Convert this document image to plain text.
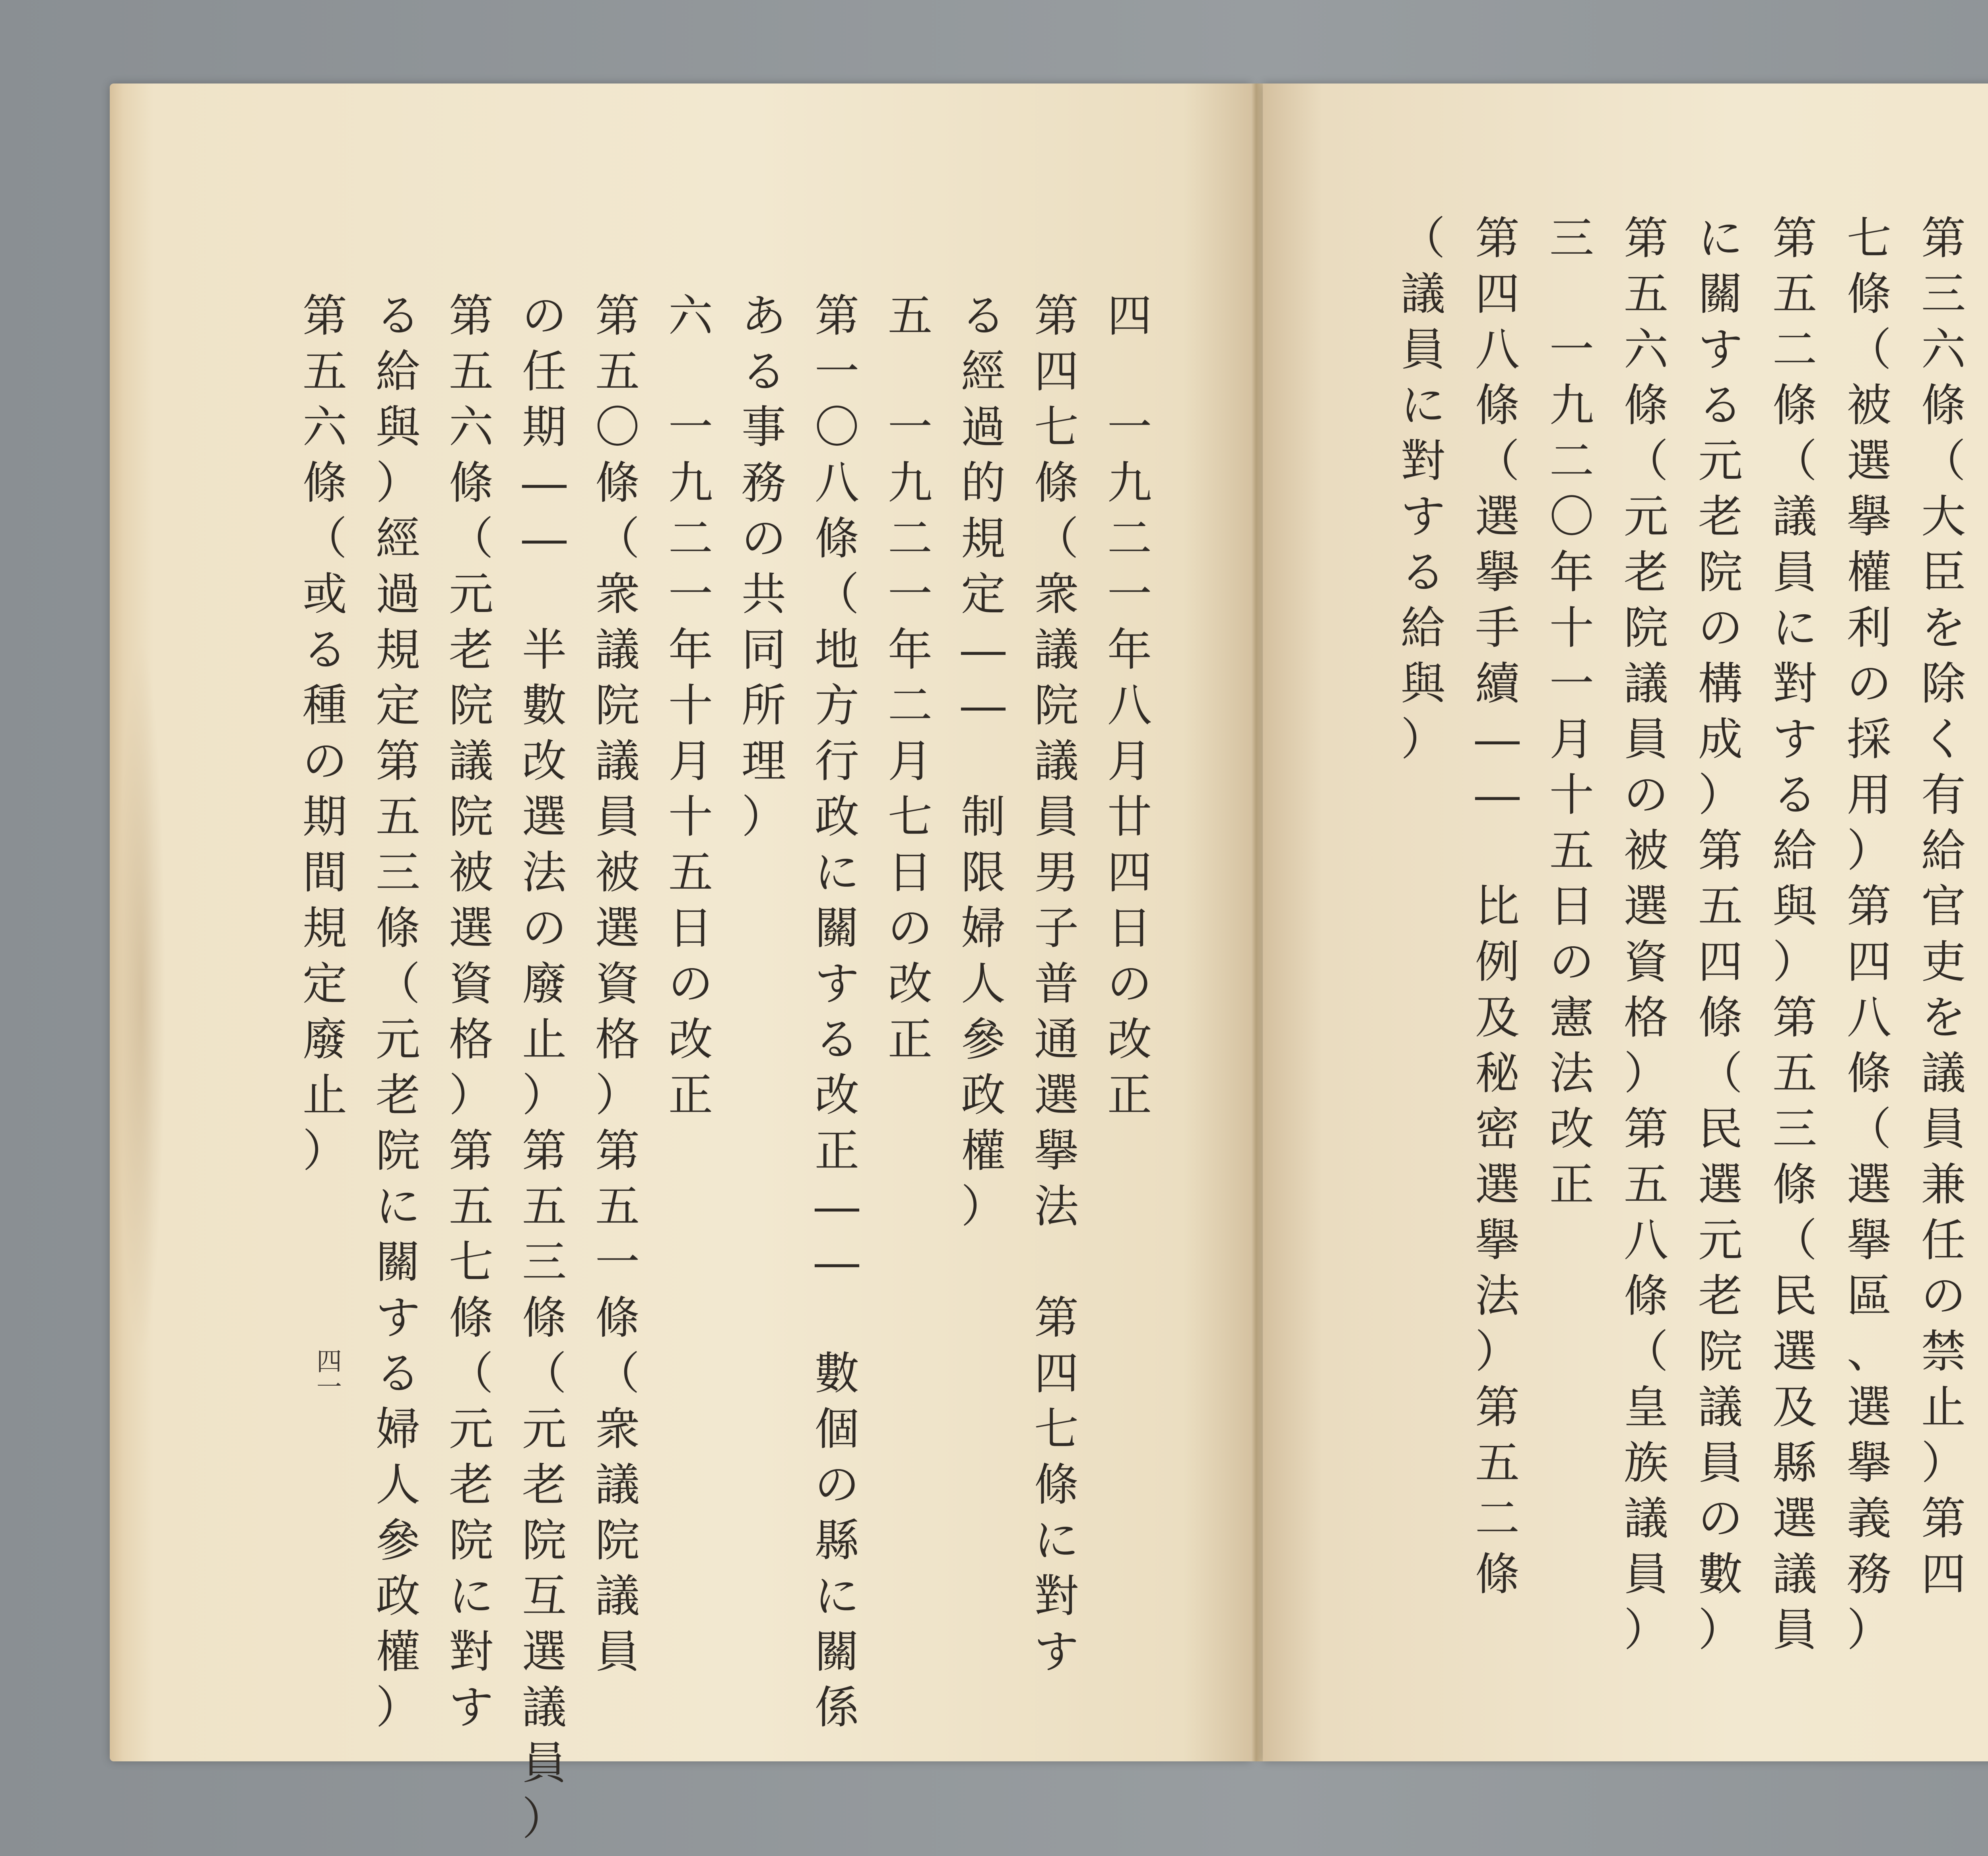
四

一
九
二
一
年
八
月
廿
四
日
の
改
正
第
四
七
條
（
衆
議
院
議
員
男
子
普
通
選
擧
法

第
四
七
條
に
對
す
る
經
過
的
規
定
―
―

制
限
婦
人
參
政
權
）
五

一
九
二
一
年
二
月
七
日
の
改
正
第
一
〇
八
條
（
地
方
行
政
に
關
す
る
改
正
―
―

數
個
の
縣
に
關
係
あ
る
事
務
の
共
同
所
理
）
六

一
九
二
一
年
十
月
十
五
日
の
改
正
第
五
〇
條
（
衆
議
院
議
員
被
選
資
格
）
第
五
一
條
（
衆
議
院
議
員
の
任
期
―
―

半
數
改
選
法
の
廢
止
）
第
五
三
條
（
元
老
院
互
選
議
員
）
第
五
六
條
（
元
老
院
議
院
被
選
資
格
）
第
五
七
條
（
元
老
院
に
對
す
る
給
與
）
經
過
規
定
第
五
三
條
（
元
老
院
に
關
す
る
婦
人
參
政
權
）
第
五
六
條
（
或
る
種
の
期
間
規
定
廢
止
）
四一

第
三
六
條
（
大
臣
を
除
く
有
給
官
吏
を
議
員
兼
任
の
禁
止
）
第
四
七
條
（
被
選
擧
權
利
の
採
用
）
第
四
八
條
（
選
擧
區
、
選
擧
義
務
）
第
五
二
條
（
議
員
に
對
す
る
給
與
）
第
五
三
條
（
民
選
及
縣
選
議
員
に
關
す
る
元
老
院
の
構
成
）
第
五
四
條
（
民
選
元
老
院
議
員
の
數
）
第
五
六
條
（
元
老
院
議
員
の
被
選
資
格
）
第
五
八
條
（
皇
族
議
員
）
三

一
九
二
〇
年
十
一
月
十
五
日
の
憲
法
改
正
第
四
八
條
（
選
擧
手
續
―
―

比
例
及
秘
密
選
擧
法
）
第
五
二
條
（
議
員
に
對
す
る
給
與
）
